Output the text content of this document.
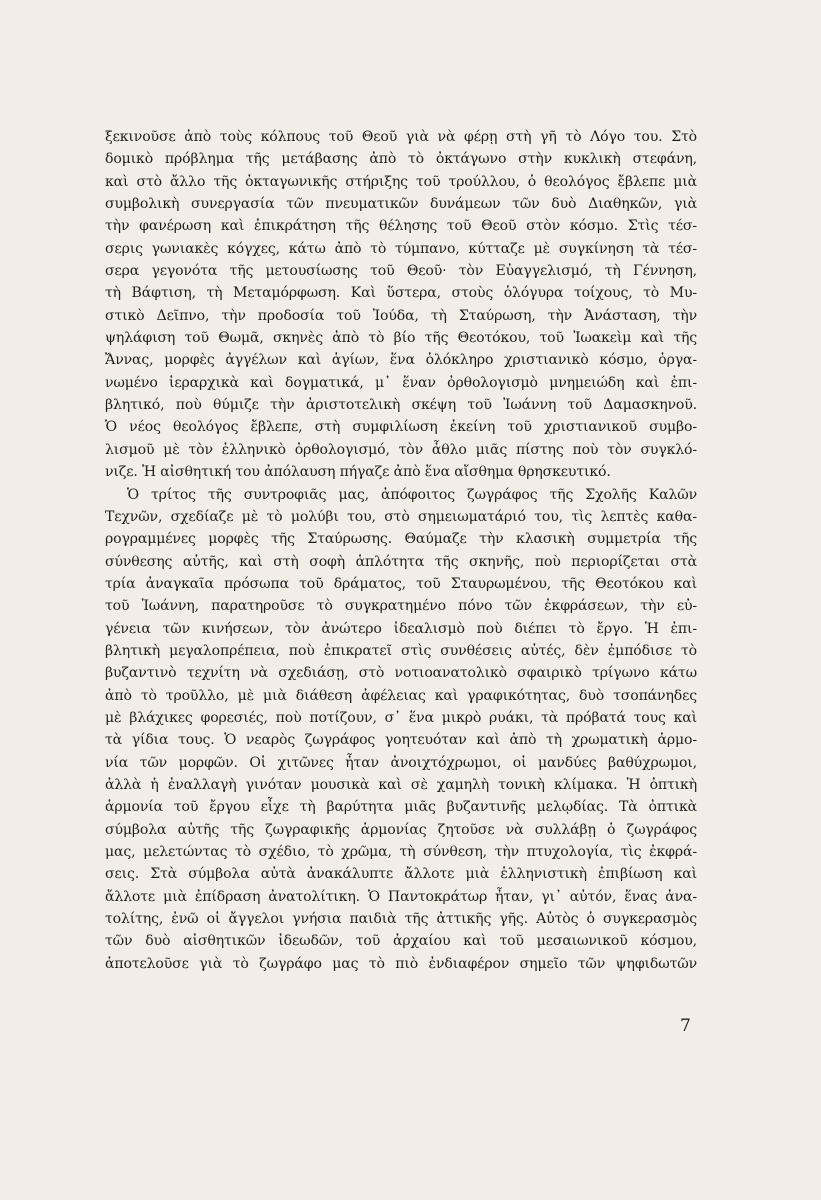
ξεκινοῦσε ἀπὸ τοὺς κόλπους τοῦ Θεοῦ γιὰ νὰ φέρῃ στὴ γῆ τὸ Λόγο του. Στὸ
δομικὸ πρόβλημα τῆς μετάβασης ἀπὸ τὸ ὀκτάγωνο στὴν κυκλικὴ στεφάνη,
καὶ στὸ ἄλλο τῆς ὀκταγωνικῆς στήριξης τοῦ τρούλλου, ὁ θεολόγος ἔβλεπε μιὰ
συμβολικὴ συνεργασία τῶν πνευματικῶν δυνάμεων τῶν δυὸ Διαθηκῶν, γιὰ
τὴν φανέρωση καὶ ἐπικράτηση τῆς θέλησης τοῦ Θεοῦ στὸν κόσμο. Στὶς τέσ-
σερις γωνιακὲς κόγχες, κάτω ἀπὸ τὸ τύμπανο, κύτταζε μὲ συγκίνηση τὰ τέσ-
σερα γεγονότα τῆς μετουσίωσης τοῦ Θεοῦ· τὸν Εὐαγγελισμό, τὴ Γέννηση,
τὴ Βάφτιση, τὴ Μεταμόρφωση. Καὶ ὕστερα, στοὺς ὁλόγυρα τοίχους, τὸ Μυ-
στικὸ Δεῖπνο, τὴν προδοσία τοῦ Ἰούδα, τὴ Σταύρωση, τὴν Ἀνάσταση, τὴν
ψηλάφιση τοῦ Θωμᾶ, σκηνὲς ἀπὸ τὸ βίο τῆς Θεοτόκου, τοῦ Ἰωακεὶμ καὶ τῆς
Ἄννας, μορφὲς ἀγγέλων καὶ ἁγίων, ἕνα ὁλόκληρο χριστιανικὸ κόσμο, ὀργα-
νωμένο ἱεραρχικὰ καὶ δογματικά, μ᾽ ἕναν ὀρθολογισμὸ μνημειώδη καὶ ἐπι-
βλητικό, ποὺ θύμιζε τὴν ἀριστοτελικὴ σκέψη τοῦ Ἰωάννη τοῦ Δαμασκηνοῦ.
Ὁ νέος θεολόγος ἔβλεπε, στὴ συμφιλίωση ἐκείνη τοῦ χριστιανικοῦ συμβο-
λισμοῦ μὲ τὸν ἑλληνικὸ ὀρθολογισμό, τὸν ἆθλο μιᾶς πίστης ποὺ τὸν συγκλό-
νιζε. Ἡ αἰσθητική του ἀπόλαυση πήγαζε ἀπὸ ἕνα αἴσθημα θρησκευτικό.
Ὁ τρίτος τῆς συντροφιᾶς μας, ἀπόφοιτος ζωγράφος τῆς Σχολῆς Καλῶν
Τεχνῶν, σχεδίαζε μὲ τὸ μολύβι του, στὸ σημειωματάριό του, τὶς λεπτὲς καθα-
ρογραμμένες μορφὲς τῆς Σταύρωσης. Θαύμαζε τὴν κλασικὴ συμμετρία τῆς
σύνθεσης αὐτῆς, καὶ στὴ σοφὴ ἁπλότητα τῆς σκηνῆς, ποὺ περιορίζεται στὰ
τρία ἀναγκαῖα πρόσωπα τοῦ δράματος, τοῦ Σταυρωμένου, τῆς Θεοτόκου καὶ
τοῦ Ἰωάννη, παρατηροῦσε τὸ συγκρατημένο πόνο τῶν ἐκφράσεων, τὴν εὐ-
γένεια τῶν κινήσεων, τὸν ἀνώτερο ἰδεαλισμὸ ποὺ διέπει τὸ ἔργο. Ἡ ἐπι-
βλητικὴ μεγαλοπρέπεια, ποὺ ἐπικρατεῖ στὶς συνθέσεις αὐτές, δὲν ἐμπόδισε τὸ
βυζαντινὸ τεχνίτη νὰ σχεδιάσῃ, στὸ νοτιοανατολικὸ σφαιρικὸ τρίγωνο κάτω
ἀπὸ τὸ τροῦλλο, μὲ μιὰ διάθεση ἀφέλειας καὶ γραφικότητας, δυὸ τσοπάνηδες
μὲ βλάχικες φορεσιές, ποὺ ποτίζουν, σ᾽ ἕνα μικρὸ ρυάκι, τὰ πρόβατά τους καὶ
τὰ γίδια τους. Ὁ νεαρὸς ζωγράφος γοητευόταν καὶ ἀπὸ τὴ χρωματικὴ ἁρμο-
νία τῶν μορφῶν. Οἱ χιτῶνες ἦταν ἀνοιχτόχρωμοι, οἱ μανδύες βαθύχρωμοι,
ἀλλὰ ἡ ἐναλλαγὴ γινόταν μουσικὰ καὶ σὲ χαμηλὴ τονικὴ κλίμακα. Ἡ ὀπτικὴ
ἁρμονία τοῦ ἔργου εἶχε τὴ βαρύτητα μιᾶς βυζαντινῆς μελῳδίας. Τὰ ὀπτικὰ
σύμβολα αὐτῆς τῆς ζωγραφικῆς ἁρμονίας ζητοῦσε νὰ συλλάβῃ ὁ ζωγράφος
μας, μελετώντας τὸ σχέδιο, τὸ χρῶμα, τὴ σύνθεση, τὴν πτυχολογία, τὶς ἐκφρά-
σεις. Στὰ σύμβολα αὐτὰ ἀνακάλυπτε ἄλλοτε μιὰ ἑλληνιστικὴ ἐπιβίωση καὶ
ἄλλοτε μιὰ ἐπίδραση ἀνατολίτικη. Ὁ Παντοκράτωρ ἦταν, γι᾽ αὐτόν, ἕνας ἀνα-
τολίτης, ἐνῶ οἱ ἄγγελοι γνήσια παιδιὰ τῆς ἀττικῆς γῆς. Αὐτὸς ὁ συγκερασμὸς
τῶν δυὸ αἰσθητικῶν ἰδεωδῶν, τοῦ ἀρχαίου καὶ τοῦ μεσαιωνικοῦ κόσμου,
ἀποτελοῦσε γιὰ τὸ ζωγράφο μας τὸ πιὸ ἐνδιαφέρον σημεῖο τῶν ψηφιδωτῶν
7
